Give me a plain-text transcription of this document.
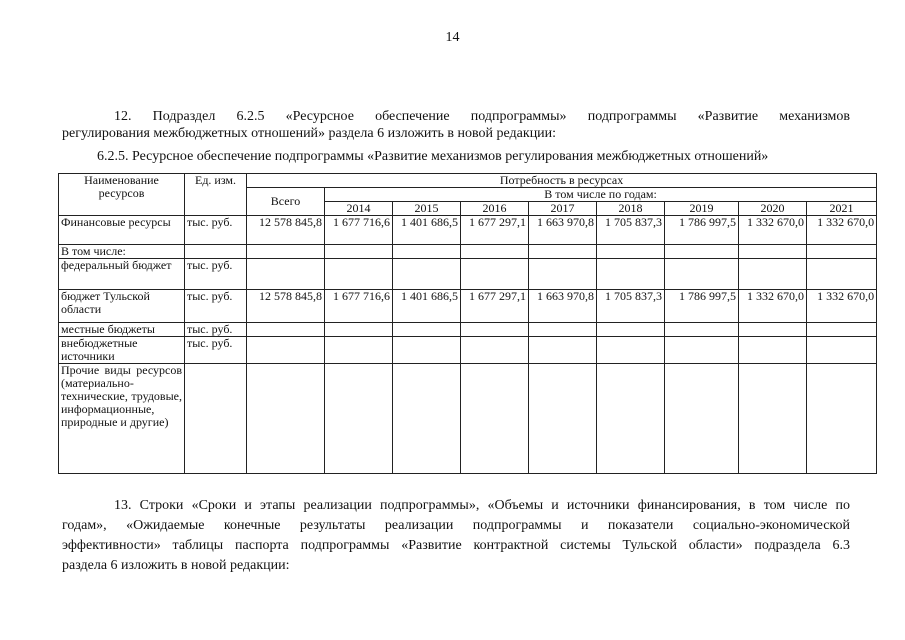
14
12. Подраздел 6.2.5 «Ресурсное обеспечение подпрограммы» подпрограммы «Развитие механизмов
регулирования межбюджетных отношений» раздела 6 изложить в новой редакции:
6.2.5. Ресурсное обеспечение подпрограммы «Развитие механизмов регулирования межбюджетных отношений»
Наименование ресурсов	Ед. изм.	Потребность в ресурсах								
		Всего	В том числе по годам:							
			2014	2015	2016	2017	2018	2019	2020	2021
Финансовые ресурсы	тыс. руб.	12 578 845,8	1 677 716,6	1 401 686,5	1 677 297,1	1 663 970,8	1 705 837,3	1 786 997,5	1 332 670,0	1 332 670,0
В том числе:										
федеральный бюджет	тыс. руб.									
бюджет Тульской области	тыс. руб.	12 578 845,8	1 677 716,6	1 401 686,5	1 677 297,1	1 663 970,8	1 705 837,3	1 786 997,5	1 332 670,0	1 332 670,0
местные бюджеты	тыс. руб.									
внебюджетные источники	тыс. руб.									
Прочие виды ресурсов (материально-технические, трудовые, информационные, природные и другие)										
13. Строки «Сроки и этапы реализации подпрограммы», «Объемы и источники финансирования, в том числе по
годам», «Ожидаемые конечные результаты реализации подпрограммы и показатели социально-экономической
эффективности» таблицы паспорта подпрограммы «Развитие контрактной системы Тульской области» подраздела 6.3
раздела 6 изложить в новой редакции:
